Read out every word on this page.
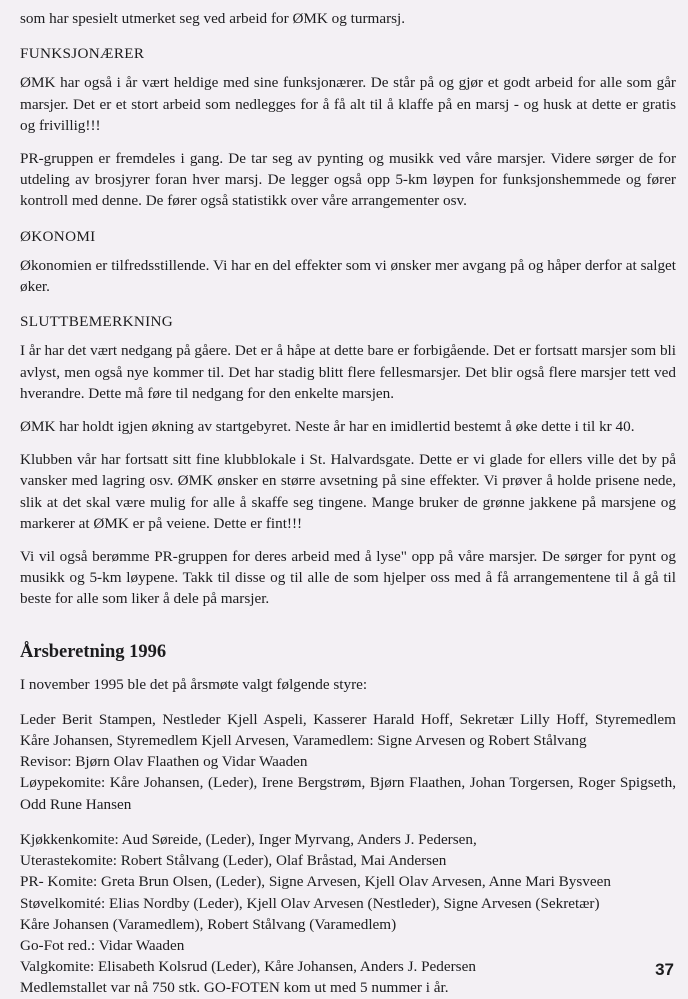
som har spesielt utmerket seg ved arbeid for ØMK og turmarsj.

FUNKSJONÆRER

ØMK har også i år vært heldige med sine funksjonærer. De står på og gjør et godt arbeid for alle som går marsjer. Det er et stort arbeid som nedlegges for å få alt til å klaffe på en marsj - og husk at dette er gratis og frivillig!!!

PR-gruppen er fremdeles i gang. De tar seg av pynting og musikk ved våre marsjer. Videre sørger de for utdeling av brosjyrer foran hver marsj. De legger også opp 5-km løypen for funksjonshemmede og fører kontroll med denne. De fører også statistikk over våre arrangementer osv.

ØKONOMI

Økonomien er tilfredsstillende. Vi har en del effekter som vi ønsker mer avgang på og håper derfor at salget øker.

SLUTTBEMERKNING

I år har det vært nedgang på gåere. Det er å håpe at dette bare er forbigående. Det er fortsatt marsjer som bli avlyst, men også nye kommer til. Det har stadig blitt flere fellesmarsjer. Det blir også flere marsjer tett ved hverandre. Dette må føre til nedgang for den enkelte marsjen.

ØMK har holdt igjen økning av startgebyret. Neste år har en imidlertid bestemt å øke dette i til kr 40.

Klubben vår har fortsatt sitt fine klubblokale i St. Halvardsgate. Dette er vi glade for ellers ville det by på vansker med lagring osv. ØMK ønsker en større avsetning på sine effekter. Vi prøver å holde prisene nede, slik at det skal være mulig for alle å skaffe seg tingene. Mange bruker de grønne jakkene på marsjene og markerer at ØMK er på veiene. Dette er fint!!!

Vi vil også berømme PR-gruppen for deres arbeid med å lyse" opp på våre marsjer. De sørger for pynt og musikk og 5-km løypene. Takk til disse og til alle de som hjelper oss med å få arrangementene til å gå til beste for alle som liker å dele på marsjer.

Årsberetning 1996

I november 1995 ble det på årsmøte valgt følgende styre:

Leder Berit Stampen, Nestleder Kjell Aspeli, Kasserer Harald Hoff, Sekretær Lilly Hoff, Styremedlem Kåre Johansen, Styremedlem Kjell Arvesen, Varamedlem: Signe Arvesen og Robert Stålvang

Revisor: Bjørn Olav Flaathen og Vidar Waaden

Løypekomite: Kåre Johansen, (Leder), Irene Bergstrøm, Bjørn Flaathen, Johan Torgersen, Roger Spigseth, Odd Rune Hansen

Kjøkkenkomite: Aud Søreide, (Leder), Inger Myrvang, Anders J. Pedersen,

Uterastekomite: Robert Stålvang (Leder), Olaf Bråstad, Mai Andersen

PR- Komite: Greta Brun Olsen, (Leder), Signe Arvesen, Kjell Olav Arvesen, Anne Mari Bysveen

Støvelkomité: Elias Nordby (Leder), Kjell Olav Arvesen (Nestleder), Signe Arvesen (Sekretær)

Kåre Johansen (Varamedlem), Robert Stålvang (Varamedlem)

Go-Fot red.: Vidar Waaden

Valgkomite: Elisabeth Kolsrud (Leder), Kåre Johansen, Anders J. Pedersen

Medlemstallet var nå 750 stk. GO-FOTEN kom ut med 5 nummer i år.

37
